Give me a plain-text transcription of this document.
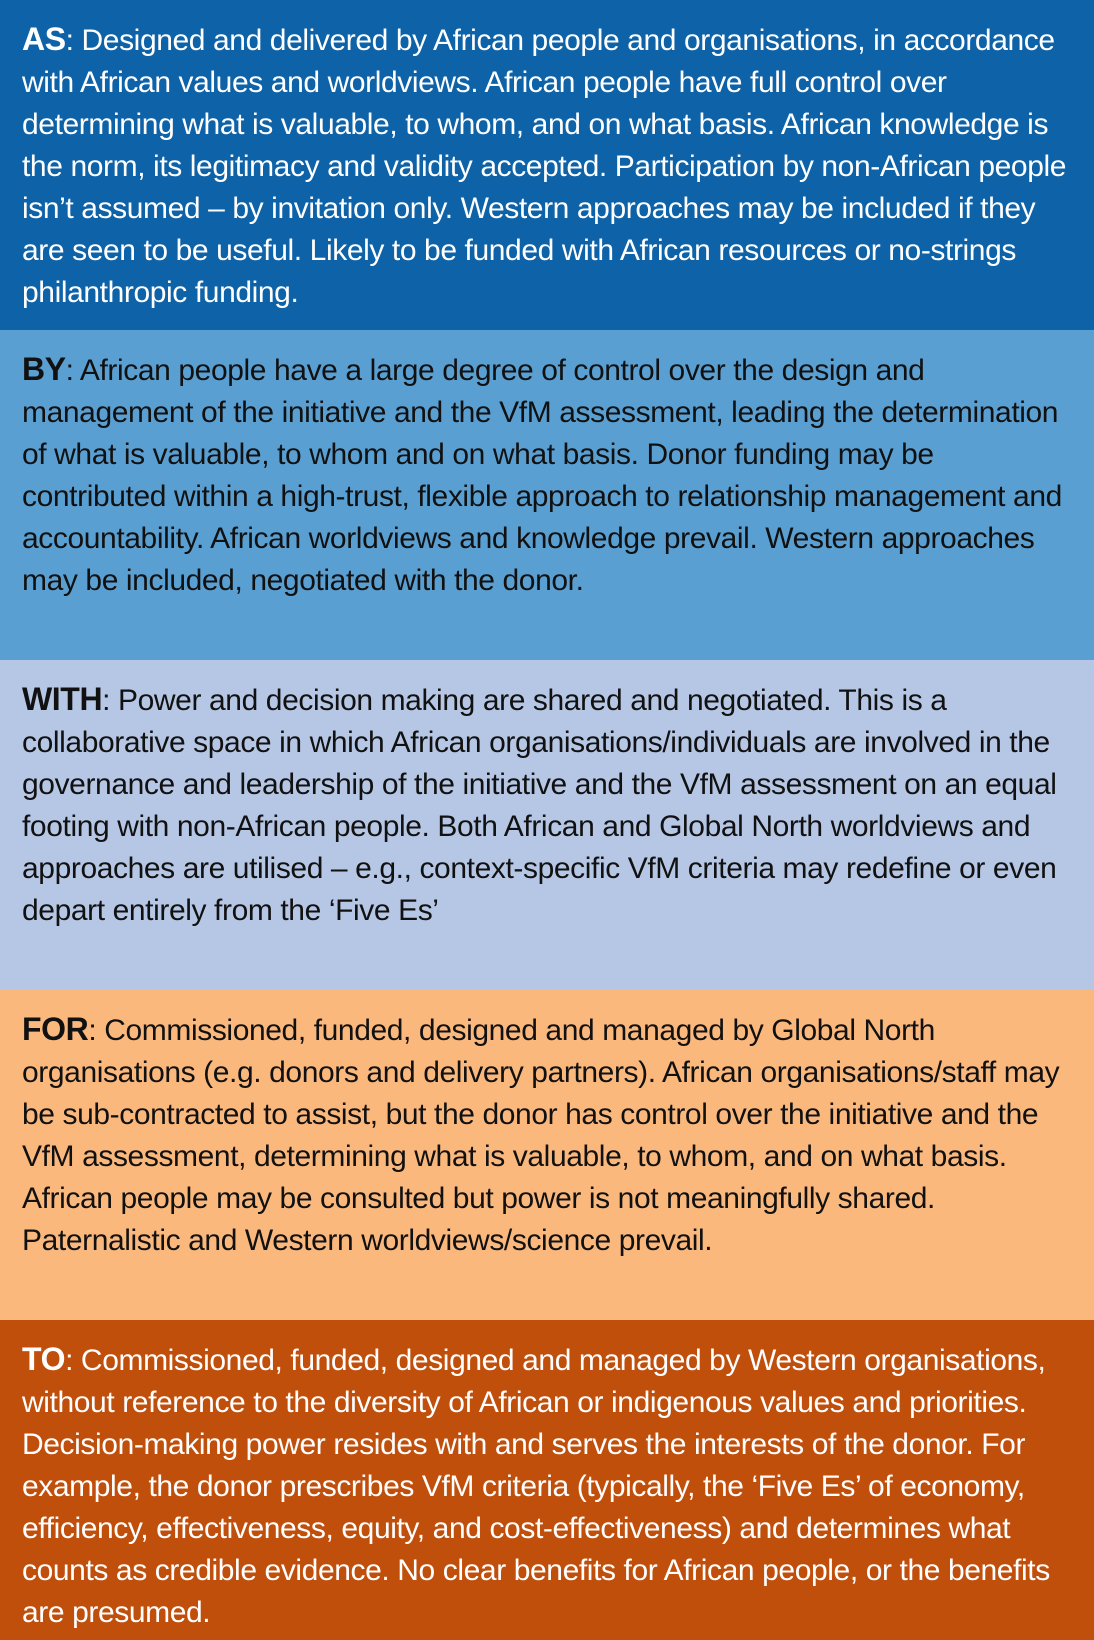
AS: Designed and delivered by African people and organisations, in accordance with African values and worldviews. African people have full control over determining what is valuable, to whom, and on what basis. African knowledge is the norm, its legitimacy and validity accepted. Participation by non-African people isn’t assumed – by invitation only. Western approaches may be included if they are seen to be useful. Likely to be funded with African resources or no-strings philanthropic funding.
BY: African people have a large degree of control over the design and management of the initiative and the VfM assessment, leading the determination of what is valuable, to whom and on what basis. Donor funding may be contributed within a high-trust, flexible approach to relationship management and accountability. African worldviews and knowledge prevail. Western approaches may be included, negotiated with the donor.
WITH: Power and decision making are shared and negotiated. This is a collaborative space in which African organisations/individuals are involved in the governance and leadership of the initiative and the VfM assessment on an equal footing with non-African people. Both African and Global North worldviews and approaches are utilised – e.g., context-specific VfM criteria may redefine or even depart entirely from the ‘Five Es’
FOR: Commissioned, funded, designed and managed by Global North organisations (e.g. donors and delivery partners). African organisations/staff may be sub-contracted to assist, but the donor has control over the initiative and the VfM assessment, determining what is valuable, to whom, and on what basis. African people may be consulted but power is not meaningfully shared. Paternalistic and Western worldviews/science prevail.
TO: Commissioned, funded, designed and managed by Western organisations, without reference to the diversity of African or indigenous values and priorities. Decision-making power resides with and serves the interests of the donor. For example, the donor prescribes VfM criteria (typically, the ‘Five Es’ of economy, efficiency, effectiveness, equity, and cost-effectiveness) and determines what counts as credible evidence. No clear benefits for African people, or the benefits are presumed.
